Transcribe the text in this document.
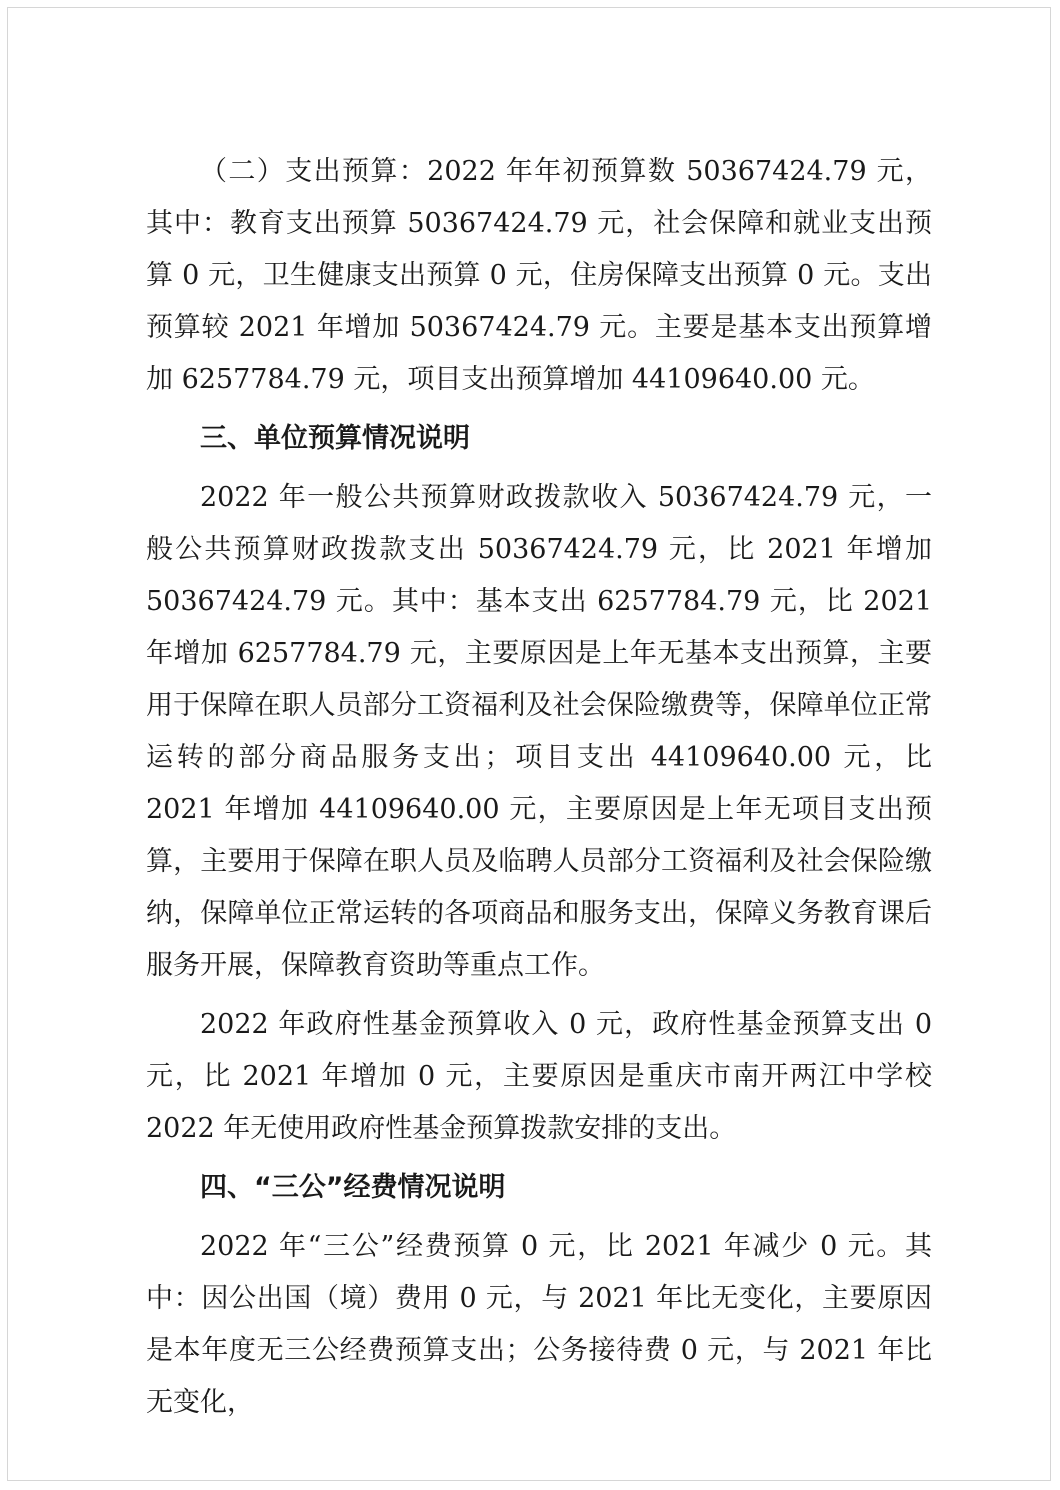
（二）支出预算：2022 年年初预算数 50367424.79 元，其中：教育支出预算 50367424.79 元，社会保障和就业支出预算 0 元，卫生健康支出预算 0 元，住房保障支出预算 0 元。支出预算较 2021 年增加 50367424.79 元。主要是基本支出预算增加 6257784.79 元，项目支出预算增加 44109640.00 元。

三、单位预算情况说明

2022 年一般公共预算财政拨款收入 50367424.79 元，一般公共预算财政拨款支出 50367424.79 元，比 2021 年增加 50367424.79 元。其中：基本支出 6257784.79 元，比 2021 年增加 6257784.79 元，主要原因是上年无基本支出预算，主要用于保障在职人员部分工资福利及社会保险缴费等，保障单位正常运转的部分商品服务支出；项目支出 44109640.00 元，比 2021 年增加 44109640.00 元，主要原因是上年无项目支出预算，主要用于保障在职人员及临聘人员部分工资福利及社会保险缴纳，保障单位正常运转的各项商品和服务支出，保障义务教育课后服务开展，保障教育资助等重点工作。

2022 年政府性基金预算收入 0 元，政府性基金预算支出 0 元，比 2021 年增加 0 元，主要原因是重庆市南开两江中学校 2022 年无使用政府性基金预算拨款安排的支出。

四、“三公”经费情况说明

2022 年“三公”经费预算 0 元，比 2021 年减少 0 元。其中：因公出国（境）费用 0 元，与 2021 年比无变化，主要原因是本年度无三公经费预算支出；公务接待费 0 元，与 2021 年比无变化，
